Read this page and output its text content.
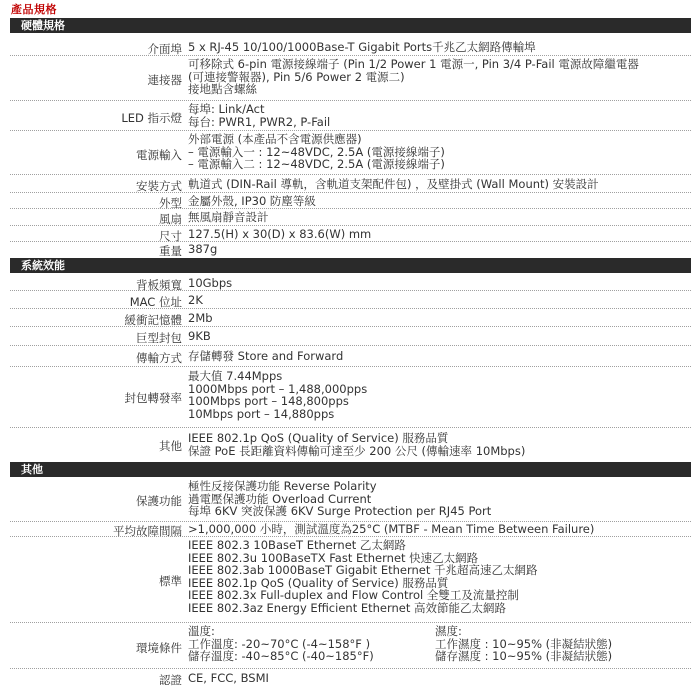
產品規格
硬體規格
系統效能
其他
介面埠 5 x RJ-45 10/100/1000Base-T Gigabit Ports千兆乙太網路傳輸埠
連接器
可移除式 6-pin 電源接線端子 (Pin 1/2 Power 1 電源一, Pin 3/4 P-Fail 電源故障繼電器
(可連接警報器), Pin 5/6 Power 2 電源二)
接地點含螺絲
LED 指示燈
每埠: Link/Act
每台: PWR1, PWR2, P-Fail
電源輸入
外部電源 (本產品不含電源供應器)
– 電源輸入一 : 12~48VDC, 2.5A (電源接線端子)
– 電源輸入二 : 12~48VDC, 2.5A (電源接線端子)
安裝方式 軌道式 (DIN-Rail 導軌，含軌道支架配件包) ，及壁掛式 (Wall Mount) 安裝設計
外型 金屬外殼, IP30 防塵等級
風扇 無風扇靜音設計
尺寸 127.5(H) x 30(D) x 83.6(W) mm
重量 387g
背板頻寬 10Gbps
MAC 位址 2K
緩衝記憶體 2Mb
巨型封包 9KB
傳輸方式 存儲轉發 Store and Forward
封包轉發率
最大值 7.44Mpps
1000Mbps port – 1,488,000pps
100Mbps port – 148,800pps
10Mbps port – 14,880pps
其他
IEEE 802.1p QoS (Quality of Service) 服務品質
保證 PoE 長距離資料傳輸可達至少 200 公尺 (傳輸速率 10Mbps)
保護功能
極性反接保護功能 Reverse Polarity
過電壓保護功能 Overload Current
每埠 6KV 突波保護 6KV Surge Protection per RJ45 Port
平均故障間隔 >1,000,000 小時，測試溫度為25°C (MTBF - Mean Time Between Failure)
標準
IEEE 802.3 10BaseT Ethernet 乙太網路
IEEE 802.3u 100BaseTX Fast Ethernet 快速乙太網路
IEEE 802.3ab 1000BaseT Gigabit Ethernet 千兆超高速乙太網路
IEEE 802.1p QoS (Quality of Service) 服務品質
IEEE 802.3x Full-duplex and Flow Control 全雙工及流量控制
IEEE 802.3az Energy Efficient Ethernet 高效節能乙太網路
環境條件
溫度:
工作溫度: -20~70°C (-4~158°F )
儲存溫度: -40~85°C (-40~185°F)
濕度:
工作濕度 : 10~95% (非凝結狀態)
儲存濕度 : 10~95% (非凝結狀態)
認證 CE, FCC, BSMI
